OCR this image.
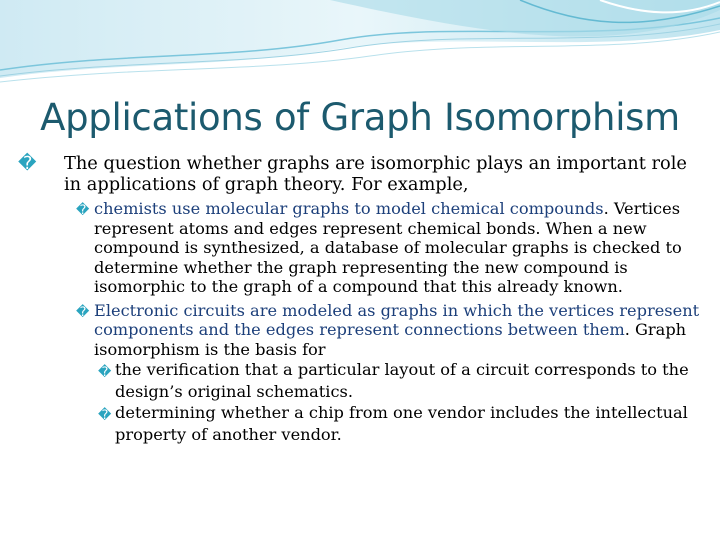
Applications of Graph Isomorphism
� The question whether graphs are isomorphic plays an important role in applications of graph theory. For example,
� chemists use molecular graphs to model chemical compounds. Vertices represent atoms and edges represent chemical bonds. When a new compound is synthesized, a database of molecular graphs is checked to determine whether the graph representing the new compound is isomorphic to the graph of a compound that this already known.
� Electronic circuits are modeled as graphs in which the vertices represent components and the edges represent connections between them. Graph isomorphism is the basis for
� the verification that a particular layout of a circuit corresponds to the design’s original schematics.
� determining whether a chip from one vendor includes the intellectual property of another vendor.
